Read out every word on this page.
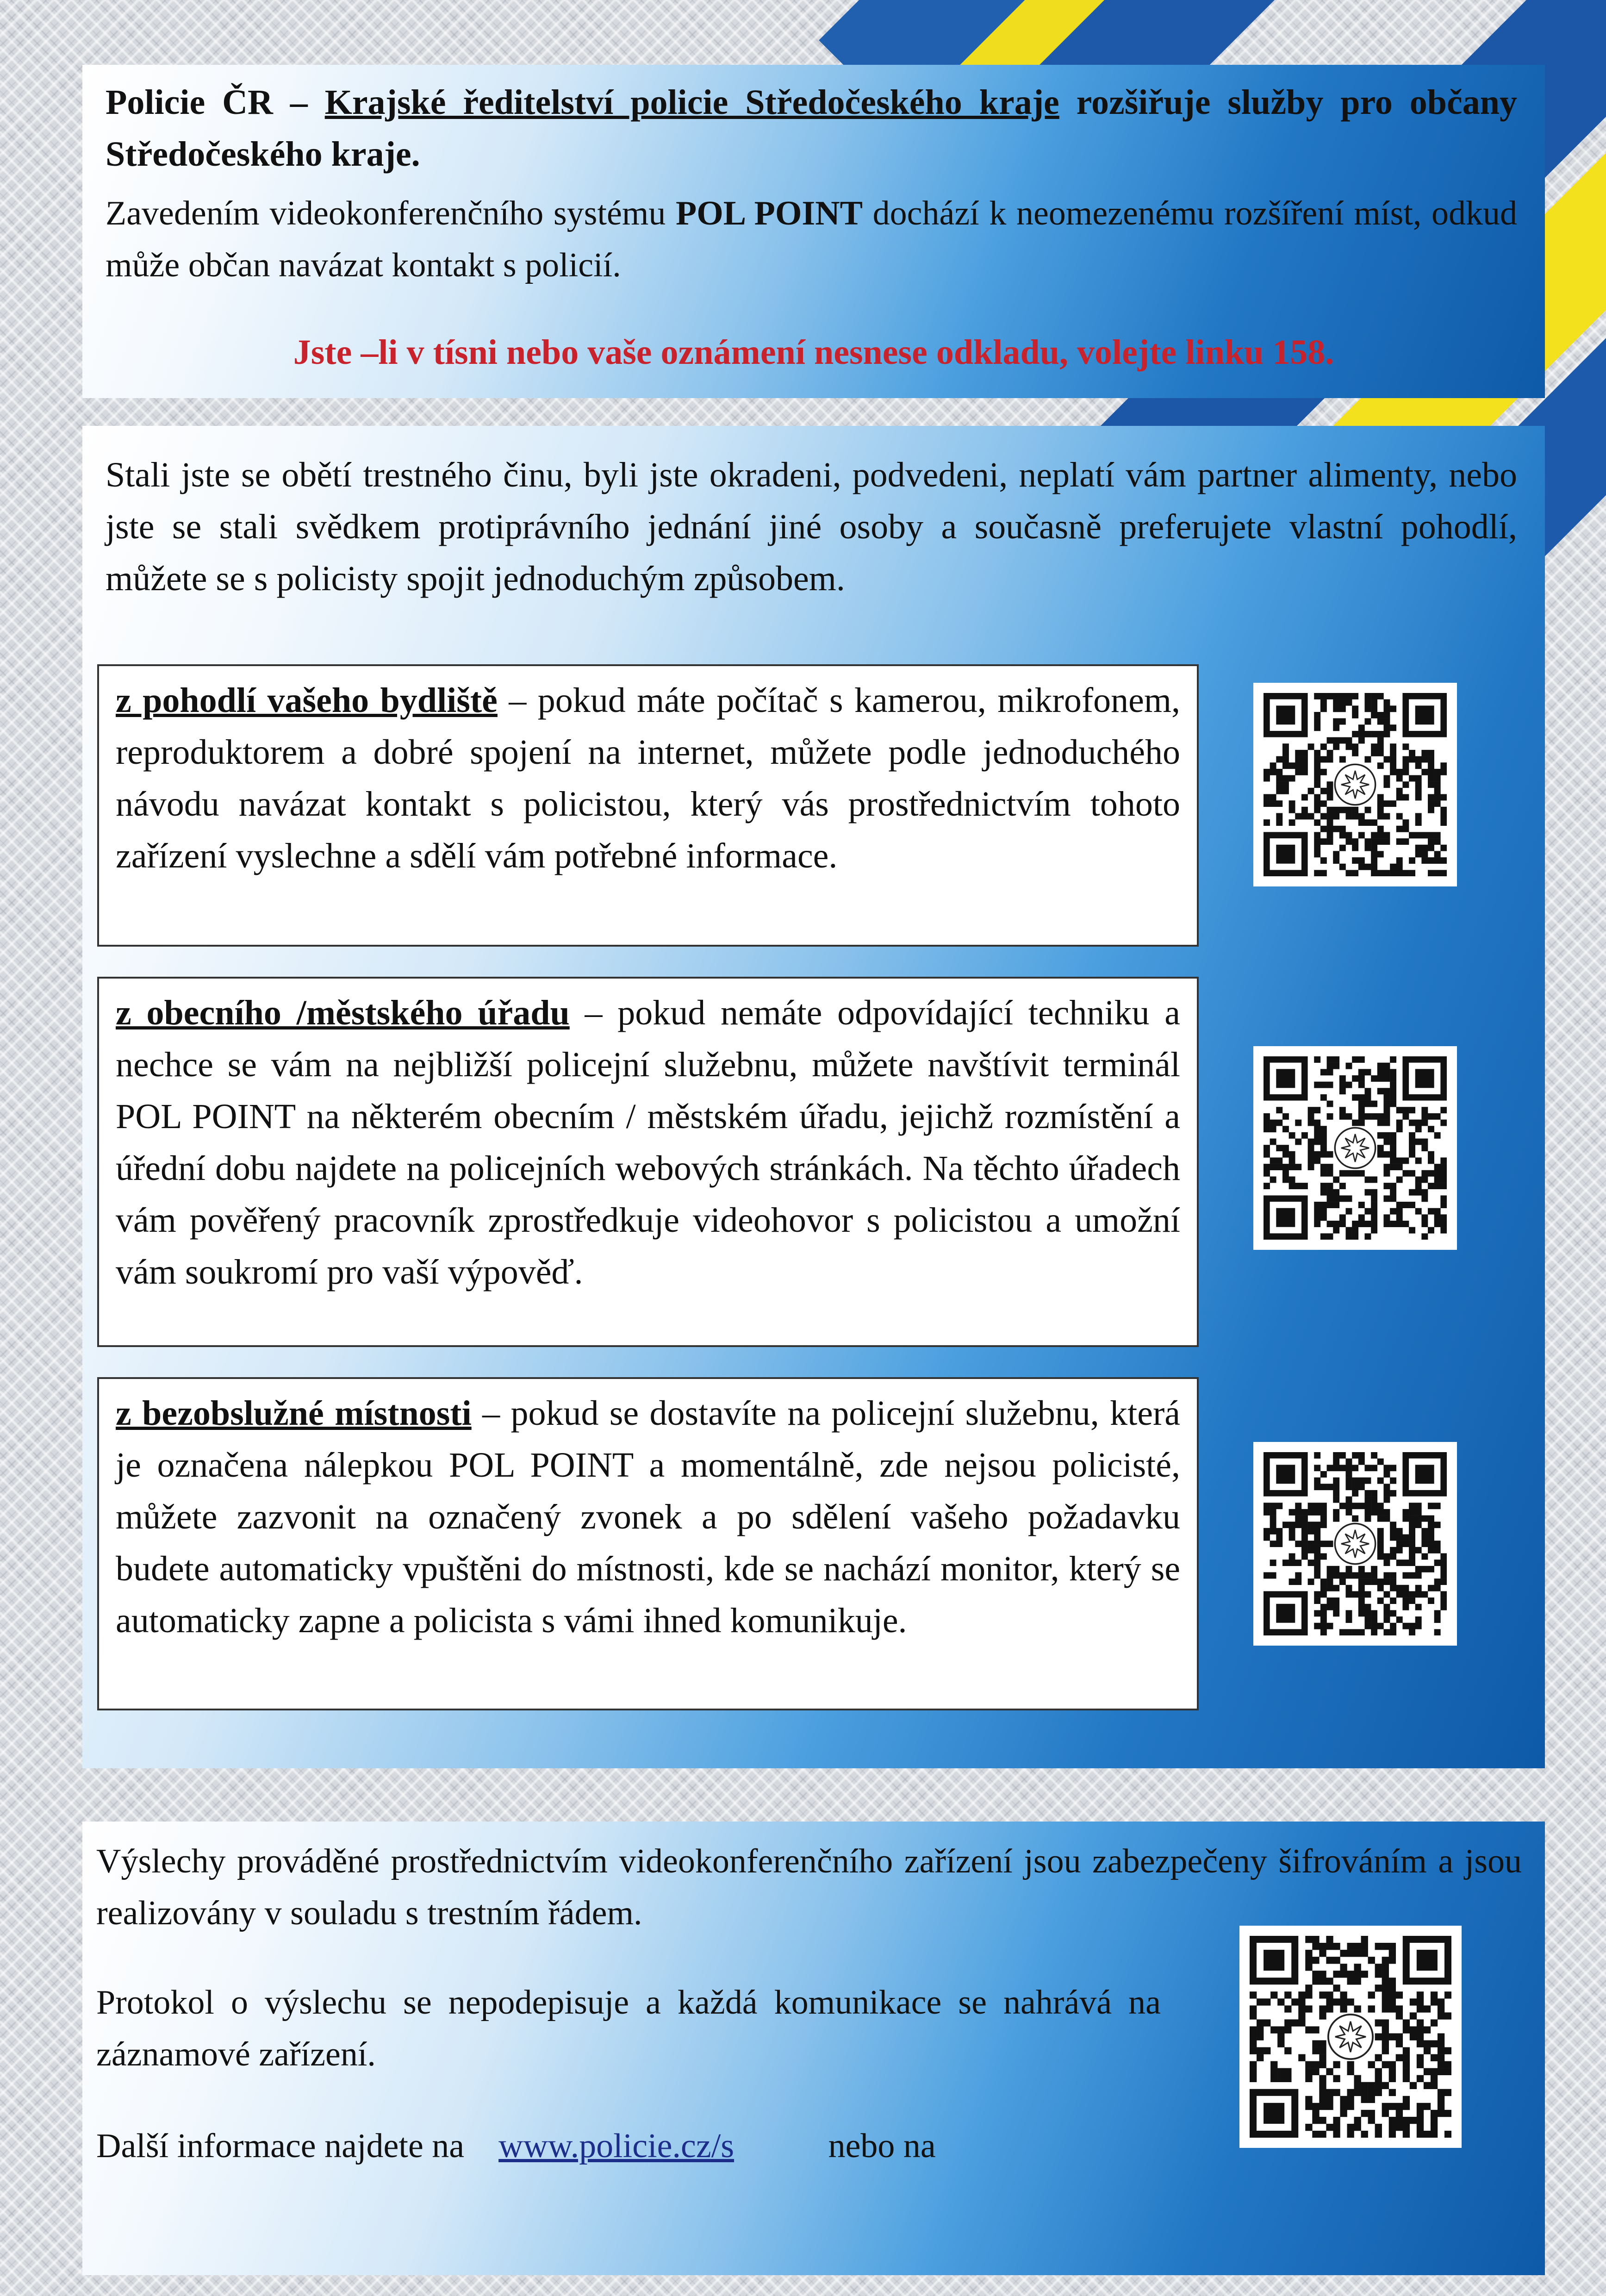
Policie ČR – Krajské ředitelství policie Středočeského kraje rozšiřuje služby pro občany Středočeského kraje.

Zavedením videokonferenčního systému POL POINT dochází k neomezenému rozšíření míst, odkud může občan navázat kontakt s policií.

Jste –li v tísni nebo vaše oznámení nesnese odkladu, volejte linku 158.

Stali jste se obětí trestného činu, byli jste okradeni, podvedeni, neplatí vám partner alimenty, nebo jste se stali svědkem protiprávního jednání jiné osoby a současně preferujete vlastní pohodlí, můžete se s policisty spojit jednoduchým způsobem.

z pohodlí vašeho bydliště – pokud máte počítač s kamerou, mikrofonem, reproduktorem a dobré spojení na internet, můžete podle jednoduchého návodu navázat kontakt s policistou, který vás prostřednictvím tohoto zařízení vyslechne a sdělí vám potřebné informace.

z obecního /městského úřadu – pokud nemáte odpovídající techniku a nechce se vám na nejbližší policejní služebnu, můžete navštívit terminál POL POINT na některém obecním / městském úřadu, jejichž rozmístění a úřední dobu najdete na policejních webových stránkách. Na těchto úřadech vám pověřený pracovník zprostředkuje videohovor s policistou a umožní vám soukromí pro vaší výpověď.

z bezobslužné místnosti – pokud se dostavíte na policejní služebnu, která je označena nálepkou POL POINT a momentálně, zde nejsou policisté, můžete zazvonit na označený zvonek a po sdělení vašeho požadavku budete automaticky vpuštěni do místnosti, kde se nachází monitor, který se automaticky zapne a policista s vámi ihned komunikuje.

Výslechy prováděné prostřednictvím videokonferenčního zařízení jsou zabezpečeny šifrováním a jsou realizovány v souladu s trestním řádem.

Protokol o výslechu se nepodepisuje a každá komunikace se nahrává na záznamové zařízení.

Další informace najdete na www.policie.cz/s	nebo na
